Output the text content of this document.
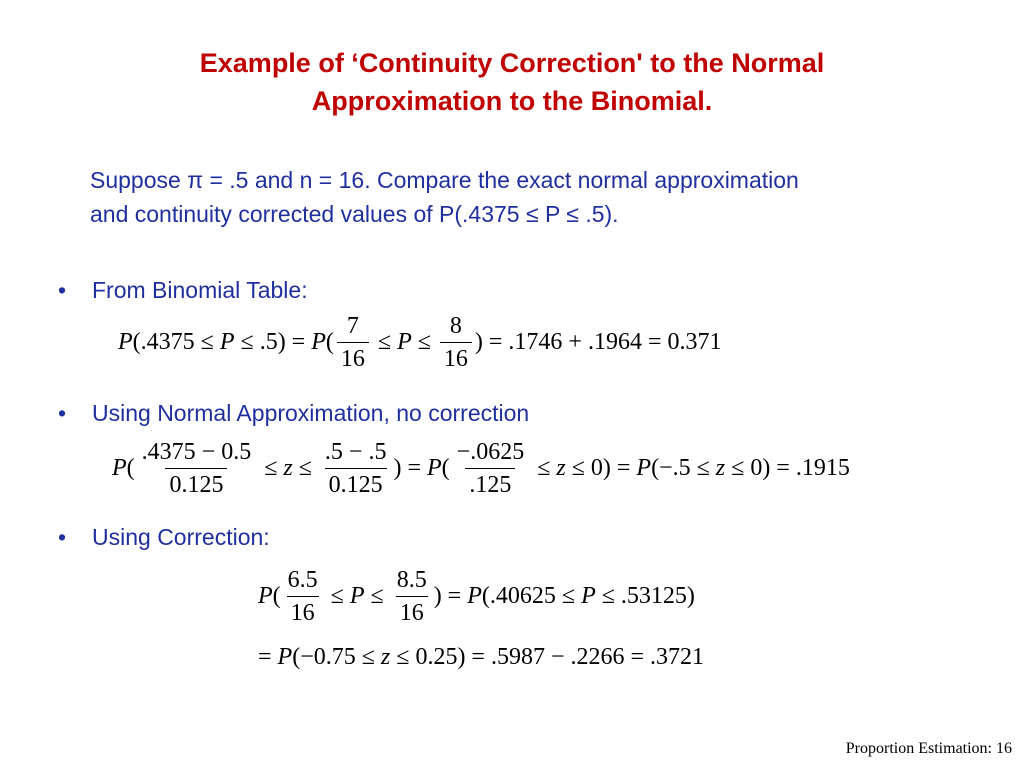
Example of ‘Continuity Correction' to the Normal
Approximation to the Binomial.
Suppose π = .5 and n = 16. Compare the exact normal approximation
and continuity corrected values of P(.4375 ≤ P ≤ .5).
• From Binomial Table:
P (.4375 ≤ P ≤ .5) = P ( $\frac{7}{16} \le P \le \frac{8}{16}$ ) = .1746 + .1964 = 0.371
• Using Normal Approximation, no correction
P ( $\frac{.4375 - 0.5}{0.125} \le z \le \frac{.5 - .5}{0.125}$ ) = P ( $\frac{-.0625}{.125} \le z \le 0) = P$ (−.5 ≤ z ≤ 0) = .1915
• Using Correction:
P ( $\frac{6.5}{16} \le P \le \frac{8.5}{16}$ ) = P (.40625 ≤ P ≤ .53125)
= P (−0.75 ≤ z ≤ 0.25) = .5987 − .2266 = .3721
Proportion Estimation: 16
